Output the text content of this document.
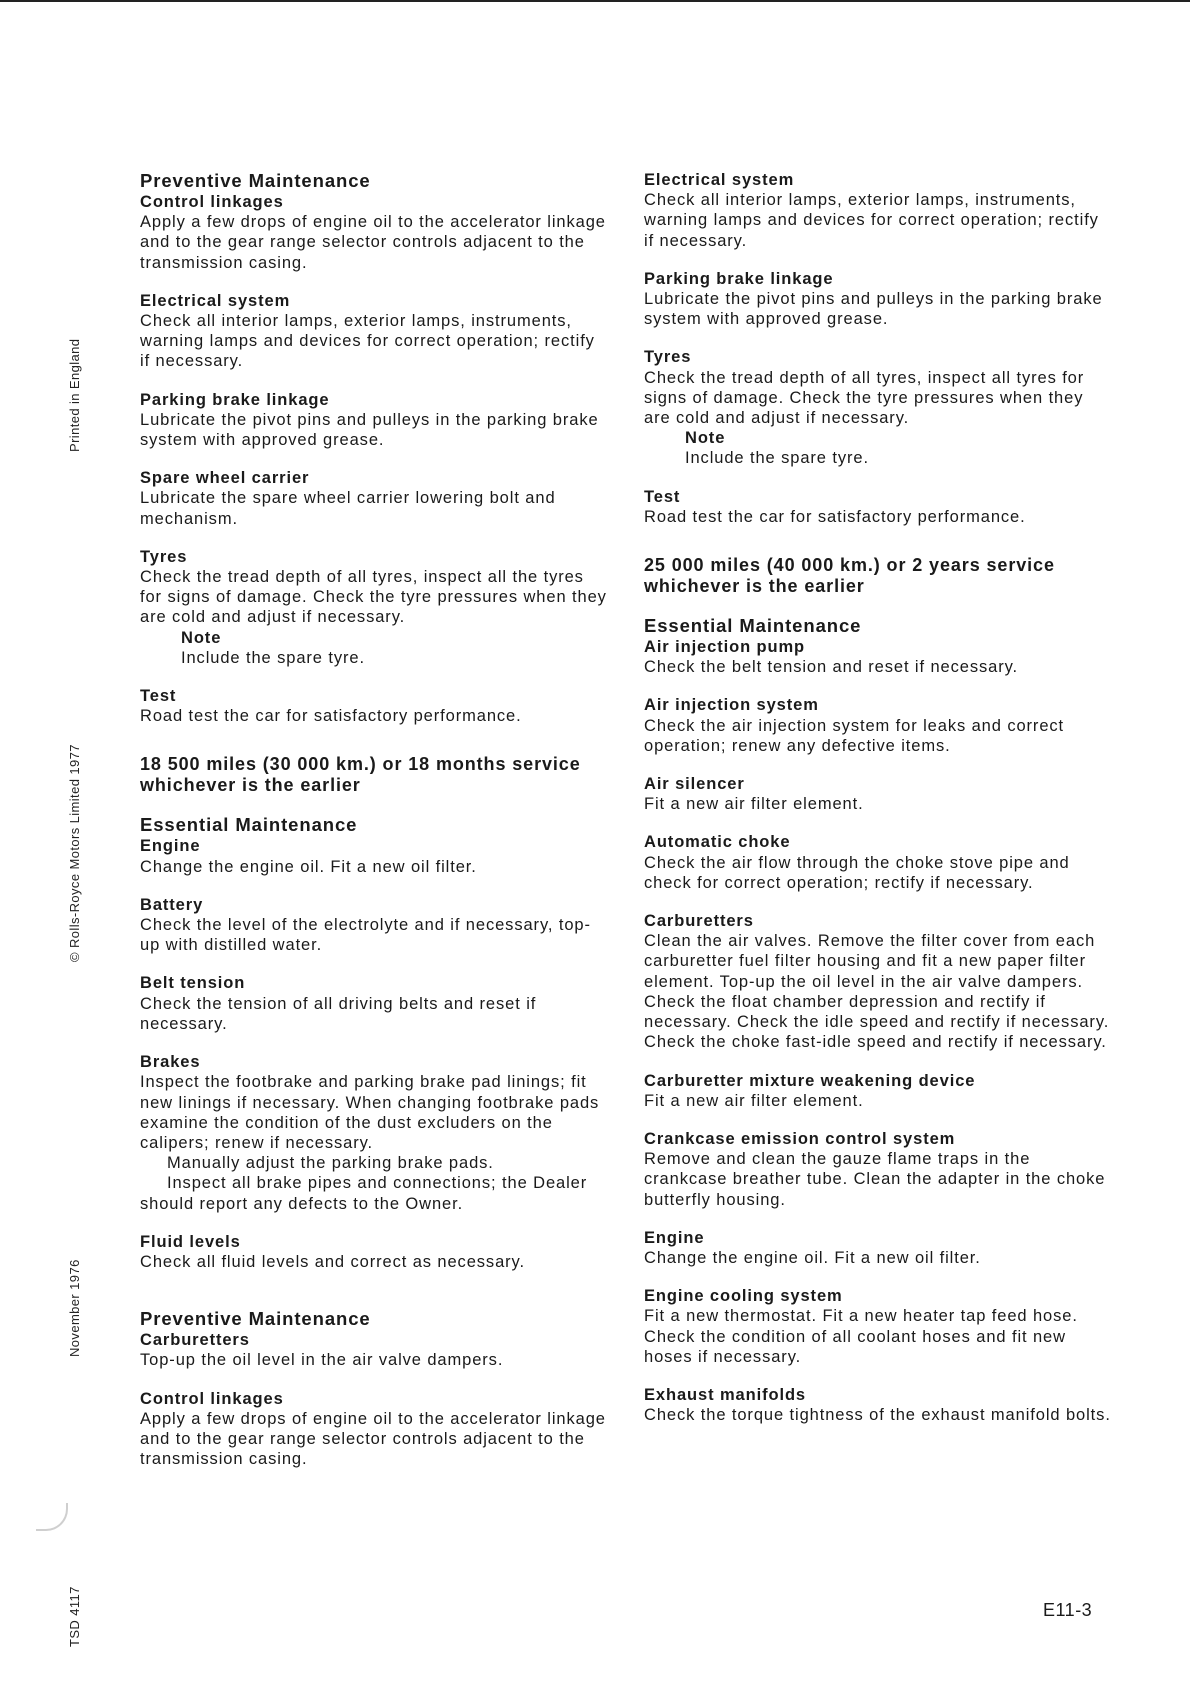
Printed in England
© Rolls-Royce Motors Limited 1977
November 1976
TSD 4117
Preventive Maintenance
Control linkages
Apply a few drops of engine oil to the accelerator linkage and to the gear range selector controls adjacent to the transmission casing.
Electrical system
Check all interior lamps, exterior lamps, instruments, warning lamps and devices for correct operation; rectify if necessary.
Parking brake linkage
Lubricate the pivot pins and pulleys in the parking brake system with approved grease.
Spare wheel carrier
Lubricate the spare wheel carrier lowering bolt and mechanism.
Tyres
Check the tread depth of all tyres, inspect all the tyres for signs of damage. Check the tyre pressures when they are cold and adjust if necessary.
Note
Include the spare tyre.
Test
Road test the car for satisfactory performance.
18 500 miles (30 000 km.) or 18 months service whichever is the earlier
Essential Maintenance
Engine
Change the engine oil. Fit a new oil filter.
Battery
Check the level of the electrolyte and if necessary, top-up with distilled water.
Belt tension
Check the tension of all driving belts and reset if necessary.
Brakes
Inspect the footbrake and parking brake pad linings; fit new linings if necessary. When changing footbrake pads examine the condition of the dust excluders on the calipers; renew if necessary.
Manually adjust the parking brake pads.
Inspect all brake pipes and connections; the Dealer should report any defects to the Owner.
Fluid levels
Check all fluid levels and correct as necessary.
Preventive Maintenance
Carburetters
Top-up the oil level in the air valve dampers.
Control linkages
Apply a few drops of engine oil to the accelerator linkage and to the gear range selector controls adjacent to the transmission casing.
Electrical system
Check all interior lamps, exterior lamps, instruments, warning lamps and devices for correct operation; rectify if necessary.
Parking brake linkage
Lubricate the pivot pins and pulleys in the parking brake system with approved grease.
Tyres
Check the tread depth of all tyres, inspect all tyres for signs of damage. Check the tyre pressures when they are cold and adjust if necessary.
Note
Include the spare tyre.
Test
Road test the car for satisfactory performance.
25 000 miles (40 000 km.) or 2 years service whichever is the earlier
Essential Maintenance
Air injection pump
Check the belt tension and reset if necessary.
Air injection system
Check the air injection system for leaks and correct operation; renew any defective items.
Air silencer
Fit a new air filter element.
Automatic choke
Check the air flow through the choke stove pipe and check for correct operation; rectify if necessary.
Carburetters
Clean the air valves. Remove the filter cover from each carburetter fuel filter housing and fit a new paper filter element. Top-up the oil level in the air valve dampers. Check the float chamber depression and rectify if necessary. Check the idle speed and rectify if necessary. Check the choke fast-idle speed and rectify if necessary.
Carburetter mixture weakening device
Fit a new air filter element.
Crankcase emission control system
Remove and clean the gauze flame traps in the crankcase breather tube. Clean the adapter in the choke butterfly housing.
Engine
Change the engine oil. Fit a new oil filter.
Engine cooling system
Fit a new thermostat. Fit a new heater tap feed hose. Check the condition of all coolant hoses and fit new hoses if necessary.
Exhaust manifolds
Check the torque tightness of the exhaust manifold bolts.
E11-3
